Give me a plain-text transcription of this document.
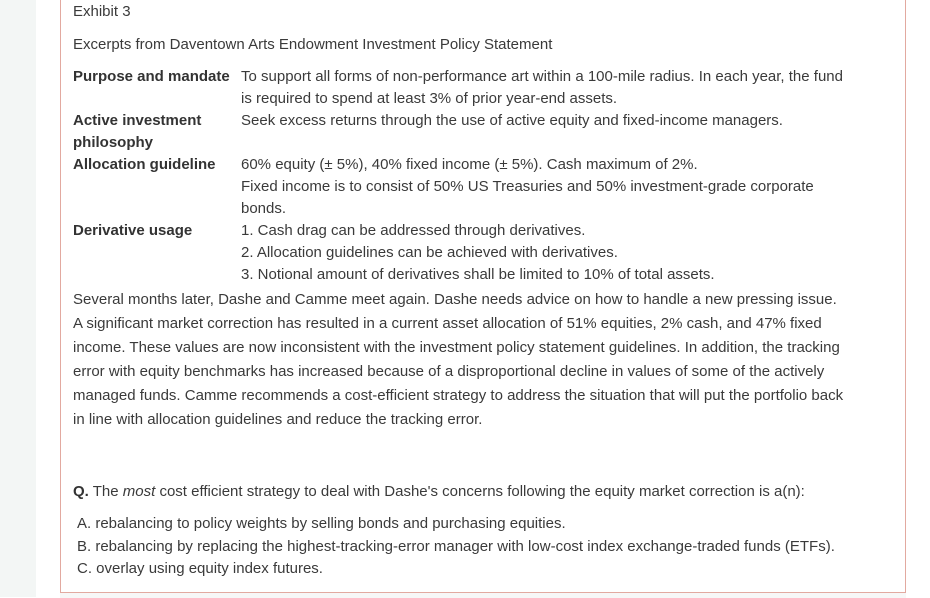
Exhibit 3
Excerpts from Daventown Arts Endowment Investment Policy Statement
Purpose and mandate	To support all forms of non-performance art within a 100-mile radius. In each year, the fund
is required to spend at least 3% of prior year-end assets.

Active investment
philosophy	Seek excess returns through the use of active equity and fixed-income managers.

Allocation guideline	60% equity (± 5%), 40% fixed income (± 5%). Cash maximum of 2%.
Fixed income is to consist of 50% US Treasuries and 50% investment-grade corporate
bonds.

Derivative usage	1. Cash drag can be addressed through derivatives.
2. Allocation guidelines can be achieved with derivatives.
3. Notional amount of derivatives shall be limited to 10% of total assets.
Several months later, Dashe and Camme meet again. Dashe needs advice on how to handle a new pressing issue.
A significant market correction has resulted in a current asset allocation of 51% equities, 2% cash, and 47% fixed
income. These values are now inconsistent with the investment policy statement guidelines. In addition, the tracking
error with equity benchmarks has increased because of a disproportional decline in values of some of the actively
managed funds. Camme recommends a cost-efficient strategy to address the situation that will put the portfolio back
in line with allocation guidelines and reduce the tracking error.
Q. The most cost efficient strategy to deal with Dashe's concerns following the equity market correction is a(n):
A. rebalancing to policy weights by selling bonds and purchasing equities.
B. rebalancing by replacing the highest-tracking-error manager with low-cost index exchange-traded funds (ETFs).
C. overlay using equity index futures.
